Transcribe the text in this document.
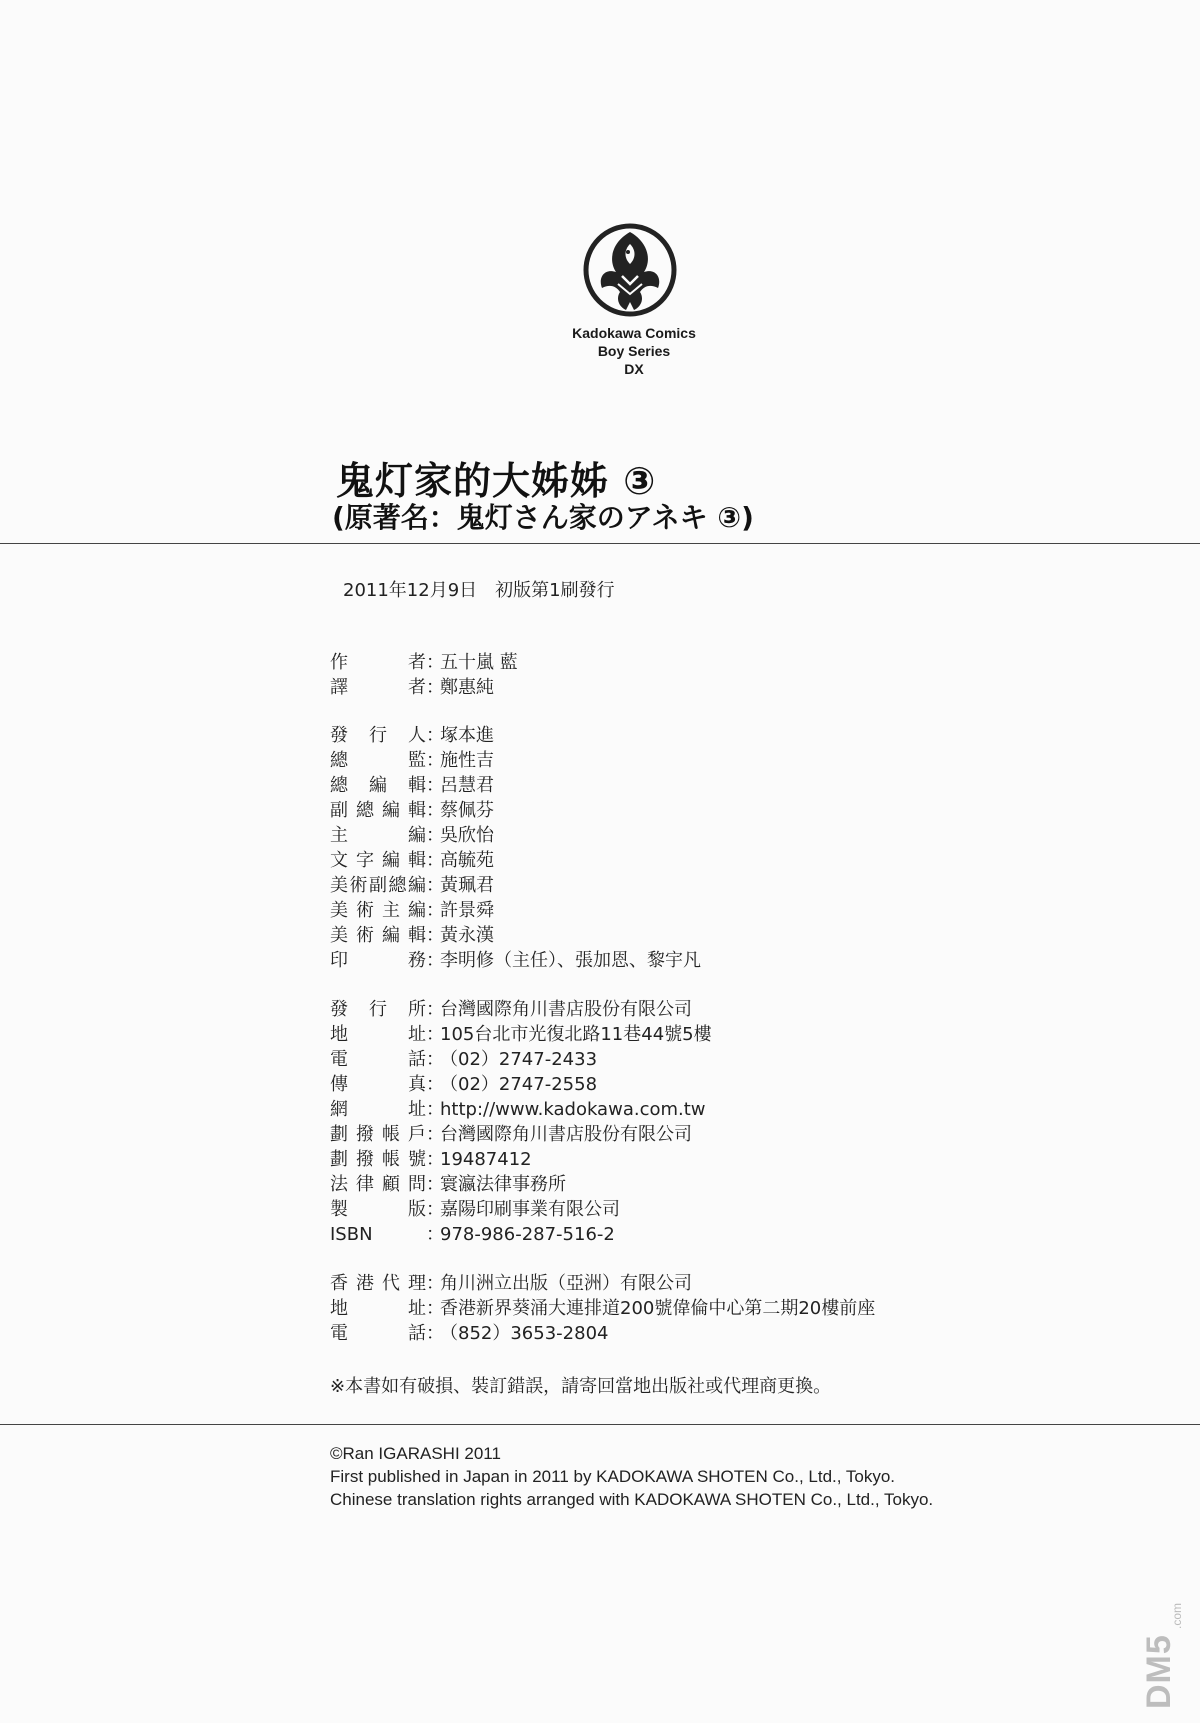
Kadokawa Comics
Boy Series
DX
鬼灯家的大姊姊 ③
(原著名：鬼灯さん家のアネキ ③)
2011年12月9日　初版第1刷發行
作者 ：
五十嵐 藍
譯者 ：
鄭惠純
發行人 ：
塚本進
總監 ：
施性吉
總編輯 ：
呂慧君
副總編輯 ：
蔡佩芬
主編 ：
吳欣怡
文字編輯 ：
高毓苑
美術副總編 ：
黃珮君
美術主編 ：
許景舜
美術編輯 ：
黃永漢
印務 ：
李明修（主任）、張加恩、黎宇凡
發行所 ：
台灣國際角川書店股份有限公司
地址 ：
105台北市光復北路11巷44號5樓
電話 ：
（02）2747-2433
傳真 ：
（02）2747-2558
網址 ：
http://www.kadokawa.com.tw
劃撥帳戶 ：
台灣國際角川書店股份有限公司
劃撥帳號 ：
19487412
法律顧問 ：
寰瀛法律事務所
製版 ：
嘉陽印刷事業有限公司
ISBN	：
978-986-287-516-2
香港代理 ：
角川洲立出版（亞洲）有限公司
地址 ：
香港新界葵涌大連排道200號偉倫中心第二期20樓前座
電話 ：
（852）3653-2804
※本書如有破損、裝訂錯誤，請寄回當地出版社或代理商更換。
©Ran IGARASHI 2011
First published in Japan in 2011 by KADOKAWA SHOTEN Co., Ltd., Tokyo.
Chinese translation rights arranged with KADOKAWA SHOTEN Co., Ltd., Tokyo.
DM5
.com
